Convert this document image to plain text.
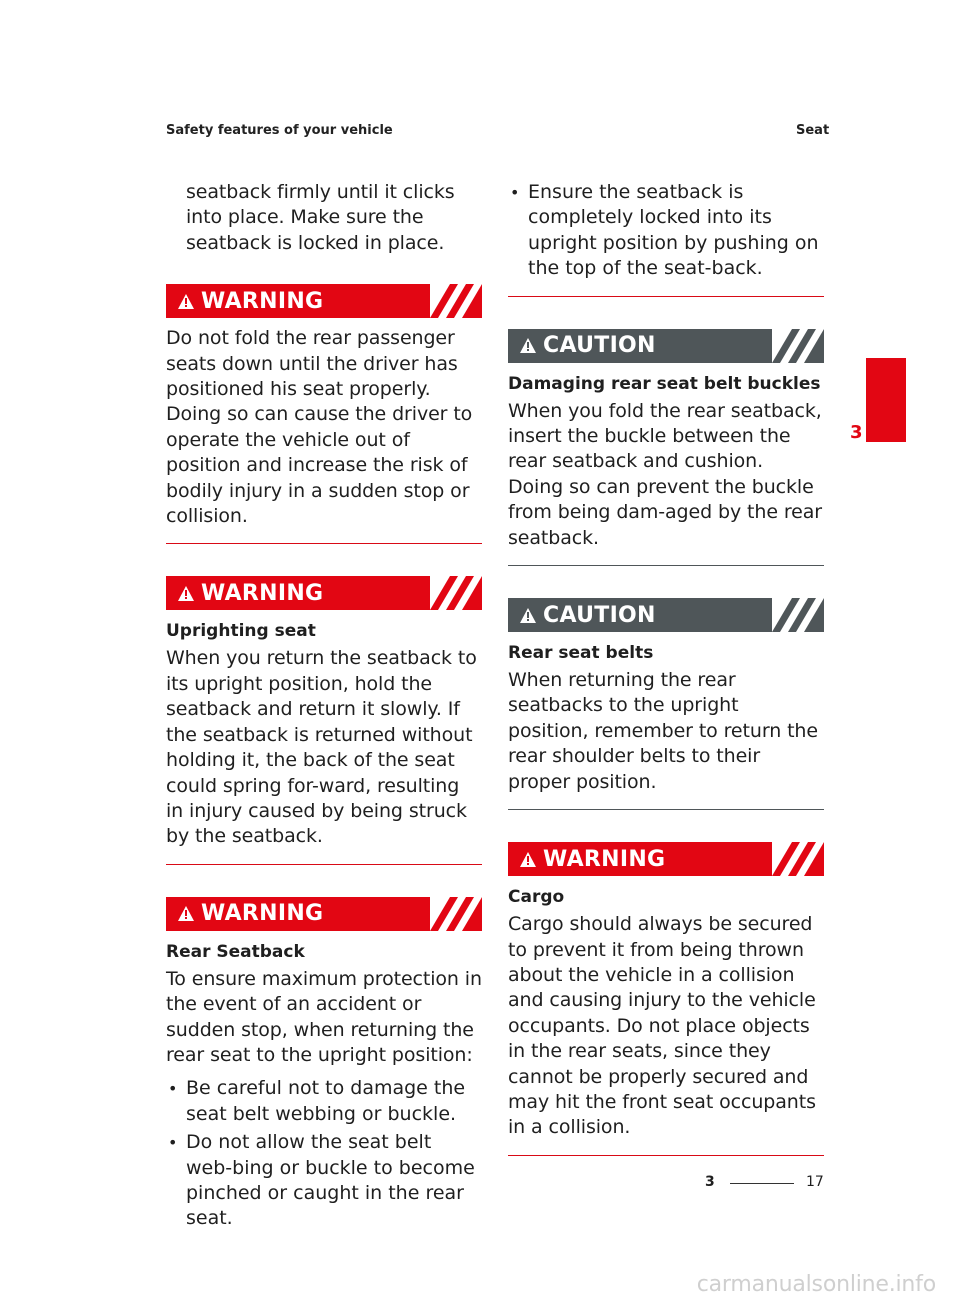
Safety features of your vehicle	Seat
3

seatback firmly until it clicks into place. Make sure the seatback is locked in place.

WARNING

Do not fold the rear passenger seats down until the driver has positioned his seat properly. Doing so can cause the driver to operate the vehicle out of position and increase the risk of bodily injury in a sudden stop or collision.

WARNING
Uprighting seat

When you return the seatback to its upright position, hold the seatback and return it slowly. If the seatback is returned without holding it, the back of the seat could spring for-ward, resulting in injury caused by being struck by the seatback.

WARNING
Rear Seatback

To ensure maximum protection in the event of an accident or sudden stop, when returning the rear seat to the upright position:

• Be careful not to damage the seat belt webbing or buckle.
• Do not allow the seat belt web-bing or buckle to become pinched or caught in the rear seat.
• Ensure the seatback is completely locked into its upright position by pushing on the top of the seat-back.
CAUTION
Damaging rear seat belt buckles

When you fold the rear seatback, insert the buckle between the rear seatback and cushion. Doing so can prevent the buckle from being dam-aged by the rear seatback.

CAUTION
Rear seat belts

When returning the rear seatbacks to the upright position, remember to return the rear shoulder belts to their proper position.

WARNING
Cargo

Cargo should always be secured to prevent it from being thrown about the vehicle in a collision and causing injury to the vehicle occupants. Do not place objects in the rear seats, since they cannot be properly secured and may hit the front seat occupants in a collision.

3	17
carmanualsonline.info
